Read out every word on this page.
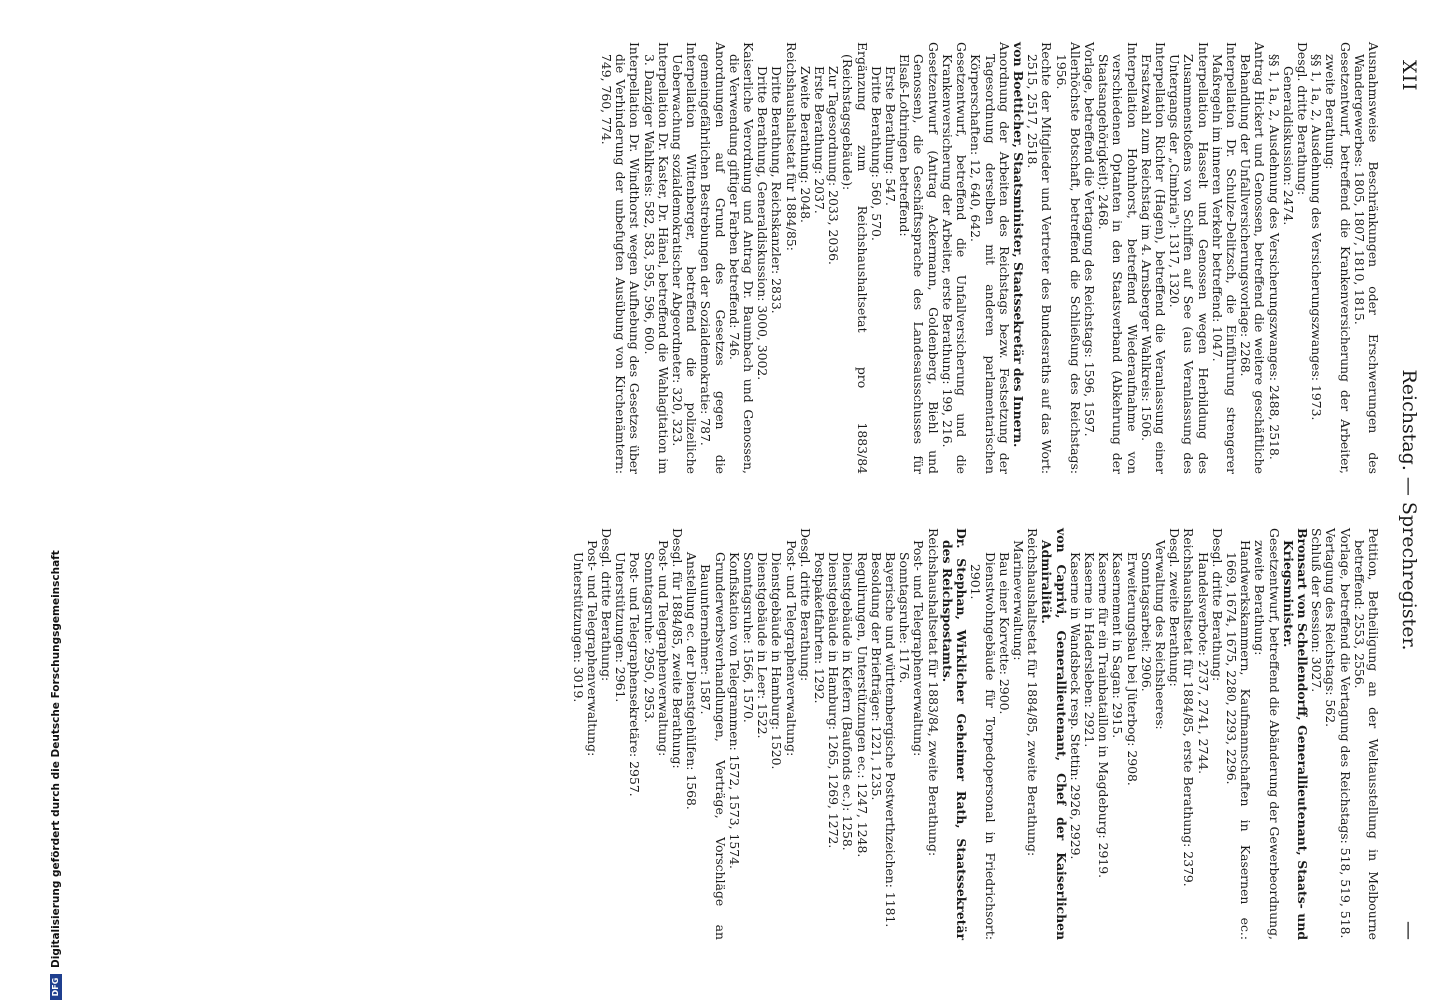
XII
Reichstag. — Sprechregister.
—

Ausnahmsweise Beschränkungen oder Erschwerungen des Wandergewerbes: 1805, 1807, 1810, 1815.

Gesetzentwurf, betreffend die Krankenversicherung der Arbeiter, zweite Berathung:

§§ 1, 1a, 2, Ausdehnung des Versicherungszwanges: 1973.

Desgl. dritte Berathung:

Generaldiskussion: 2474.

§§ 1, 1a, 2, Ausdehnung des Versicherungszwanges: 2488, 2518.

Antrag Hickert und Genossen, betreffend die weitere geschäftliche Behandlung der Unfallversicherungsvorlage: 2268.

Interpellation Dr. Schulze-Delitzsch, die Einführung strengerer Maßregeln im inneren Verkehr betreffend: 1047.

Interpellation Hasselt und Genossen wegen Herbildung des Zusammenstoßens von Schiffen auf See (aus Veranlassung des Untergangs der „Cimbria"): 1317, 1320.

Interpellation Richter (Hagen), betreffend die Veranlassung einer Ersatzwahl zum Reichstag im 4. Arnsberger Wahlkreis: 1506.

Interpellation Hohnhorst, betreffend Wiederaufnahme von verschiedenen Optanten in den Staatsverband (Abkehrung der Staatsangehörigkeit): 2468.

Vorlage, betreffend die Vertagung des Reichstags: 1596, 1597.

Allerhöchste Botschaft, betreffend die Schließung des Reichstags: 1956.

Rechte der Mitglieder und Vertreter des Bundesraths auf das Wort: 2515, 2517, 2518.

von Boetticher, Staatsminister, Staatssekretär des Innern.

Anordnung der Arbeiten des Reichstags bezw. Festsetzung der Tagesordnung derselben mit anderen parlamentarischen Körperschaften: 12, 640, 642.

Gesetzentwurf, betreffend die Unfallversicherung und die Krankenversicherung der Arbeiter, erste Berathung: 199, 216.

Gesetzentwurf (Antrag Ackermann, Goldenberg, Biehl und Genossen), die Geschäftssprache des Landesausschusses für Elsaß-Lothringen betreffend:

Erste Berathung: 547.

Dritte Berathung: 560, 570.

Ergänzung zum Reichshaushaltsetat pro 1883/84 (Reichstagsgebäude):

Zur Tagesordnung: 2033, 2036.

Erste Berathung: 2037.

Zweite Berathung: 2048.

Reichshaushaltsetat für 1884/85:

Dritte Berathung, Reichskanzler: 2833.

Dritte Berathung, Generaldiskussion: 3000, 3002.

Kaiserliche Verordnung und Antrag Dr. Baumbach und Genossen, die Verwendung giftiger Farben betreffend: 746.

Anordnungen auf Grund des Gesetzes gegen die gemeingefährlichen Bestrebungen der Sozialdemokratie: 787.

Interpellation Wittenberger, betreffend die polizeiliche Ueberwachung sozialdemokratischer Abgeordneter: 320, 323.

Interpellation Dr. Kaster, Dr. Hänel, betreffend die Wahlagitation im 3. Danziger Wahlkreis: 582, 583, 595, 596, 600.

Interpellation Dr. Windthorst wegen Aufhebung des Gesetzes über die Verhinderung der unbefugten Ausübung von Kirchenämtern: 749, 760, 774.

Petition, Betheiligung an der Weltausstellung in Melbourne betreffend: 2553, 2556.

Vorlage, betreffend die Vertagung des Reichstags: 518, 519, 518.

Vertagung des Reichstags: 562.

Schluß der Session: 3027.

Bronsart von Schellendorff, Generallieutenant, Staats- und Kriegsminister.

Gesetzentwurf, betreffend die Abänderung der Gewerbeordnung, zweite Berathung:

Handwerkskammern, Kaufmannschaften in Kasernen ec.: 1669, 1674, 1675, 2280, 2293, 2296.

Desgl. dritte Berathung:

Handelsverbote: 2737, 2741, 2744.

Reichshaushaltsetat für 1884/85, erste Berathung: 2379.

Desgl. zweite Berathung:

Verwaltung des Reichsheeres:

Sonntagsarbeit: 2906.

Erweiterungsbau bei Jüterbog: 2908.

Kasernement in Sagan: 2915.

Kaserne für ein Trainbataillon in Magdeburg: 2919.

Kaserne in Hadersleben: 2921.

Kaserne in Wandsbeck resp. Stettin: 2926, 2929.

von Caprivi, Generallieutenant, Chef der Kaiserlichen Admiralität.

Reichshaushaltsetat für 1884/85, zweite Berathung:

Marineverwaltung:

Bau einer Korvette: 2900.

Dienstwohngebäude für Torpedopersonal in Friedrichsort: 2901.

Dr. Stephan, Wirklicher Geheimer Rath, Staatssekretär des Reichspostamts.

Reichshaushaltsetat für 1883/84, zweite Berathung:

Post- und Telegraphenverwaltung:

Sonntagsruhe: 1176.

Bayerische und württembergische Postwerthzeichen: 1181.

Besoldung der Briefträger: 1221, 1235.

Regulirungen, Unterstützungen ec.: 1247, 1248.

Dienstgebäude in Kiefern (Baufonds ec.): 1258.

Dienstgebäude in Hamburg: 1265, 1269, 1272.

Postpaketfahrten: 1292.

Desgl. dritte Berathung:

Post- und Telegraphenverwaltung:

Dienstgebäude in Hamburg: 1520.

Dienstgebäude in Leer: 1522.

Sonntagsruhe: 1566, 1570.

Konfiskation von Telegrammen: 1572, 1573, 1574.

Grunderwerbsverhandlungen, Verträge, Vorschläge an Bauunternehmer: 1587.

Anstellung ec. der Dienstgehülfen: 1568.

Desgl. für 1884/85, zweite Berathung:

Post- und Telegraphenverwaltung:

Sonntagsruhe: 2950, 2953.

Post- und Telegraphensekretäre: 2957.

Unterstützungen: 2961.

Desgl. dritte Berathung:

Post- und Telegraphenverwaltung:

Unterstützungen: 3019.

DFG
Digitalisierung gefördert durch die Deutsche Forschungsgemeinschaft
